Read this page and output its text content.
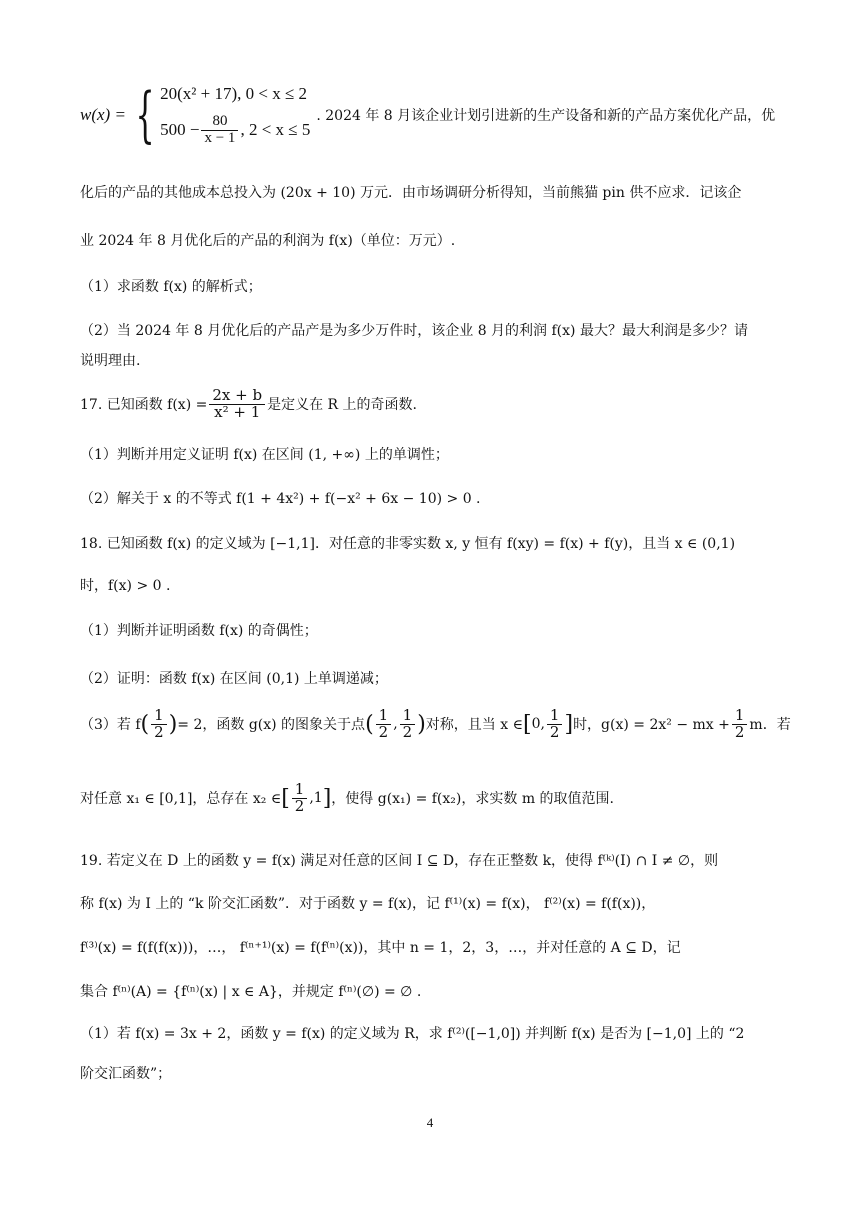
w(x) = { 20(x² + 17), 0 < x ≤ 2
$500 - \frac{80}{x - 1}$ , 2 < x ≤ 5
. 2024 年 8 月该企业计划引进新的生产设备和新的产品方案优化产品，优
化后的产品的其他成本总投入为 (20x + 10) 万元．由市场调研分析得知，当前熊猫 pin 供不应求．记该企
业 2024 年 8 月优化后的产品的利润为 f(x)（单位：万元）.
（1）求函数 f(x) 的解析式；
（2）当 2024 年 8 月优化后的产品产是为多少万件时，该企业 8 月的利润 f(x) 最大？最大利润是多少？请
说明理由.
17. 已知函数 $f(x) = \frac{2x + b}{\text{x² + 1}}$ 是定义在 R 上的奇函数.
（1）判断并用定义证明 f(x) 在区间 (1, +∞) 上的单调性；
（2）解关于 x 的不等式 f(1 + 4x²) + f(−x² + 6x − 10) > 0 .
18. 已知函数 f(x) 的定义域为 [−1,1]．对任意的非零实数 x, y 恒有 f(xy) = f(x) + f(y)，且当 x ∈ (0,1)
时，f(x) > 0 .
（1）判断并证明函数 f(x) 的奇偶性；
（2）证明：函数 f(x) 在区间 (0,1) 上单调递减；
（3）若 f ( $\frac{1}{2}$ ) = 2，函数 g(x) 的图象关于点 ( $\frac{1}{2}$ , $\frac{1}{2}$ ) 对称，且当 x ∈ [ 0, $\frac{1}{2}$ ] 时，g(x) = 2x² − mx + $\frac{1}{2}$ m．若
对任意 x₁ ∈ [0,1]，总存在 x₂ ∈ [ $\frac{1}{2} ,1$ ] ，使得 g(x₁) = f(x₂)，求实数 m 的取值范围.
19. 若定义在 D 上的函数 y = f(x) 满足对任意的区间 I ⊆ D，存在正整数 k，使得 f⁽ᵏ⁾(I) ∩ I ≠ ∅，则
称 f(x) 为 I 上的 “k 阶交汇函数”．对于函数 y = f(x)，记 f⁽¹⁾(x) = f(x)， f⁽²⁾(x) = f(f(x))，
f⁽³⁾(x) = f(f(f(x)))，…， f⁽ⁿ⁺¹⁾(x) = f(f⁽ⁿ⁾(x))，其中 n = 1，2，3，…，并对任意的 A ⊆ D，记
集合 f⁽ⁿ⁾(A) = {f⁽ⁿ⁾(x) | x ∈ A}，并规定 f⁽ⁿ⁾(∅) = ∅ .
（1）若 f(x) = 3x + 2，函数 y = f(x) 的定义域为 R，求 f⁽²⁾([−1,0]) 并判断 f(x) 是否为 [−1,0] 上的 “2
阶交汇函数”；
4
